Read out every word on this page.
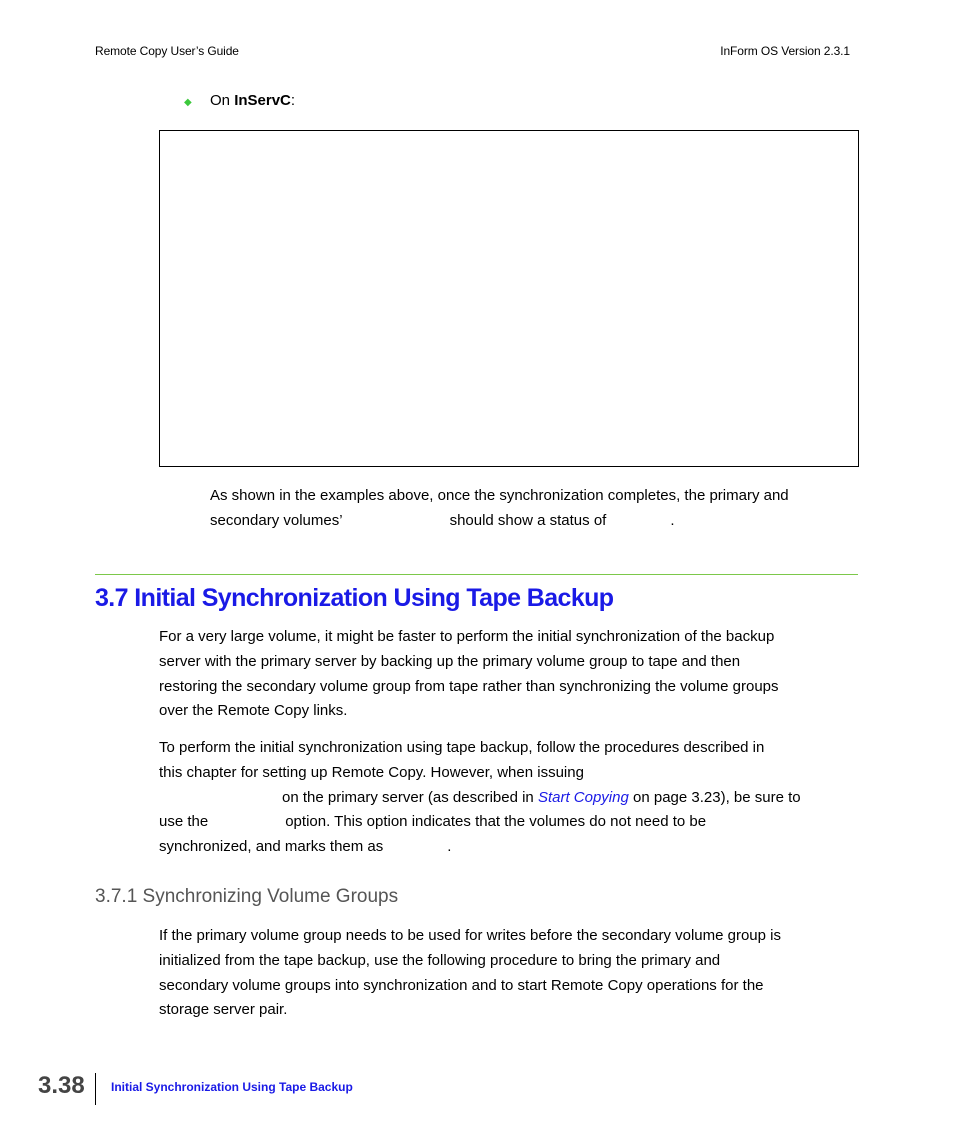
Remote Copy User’s Guide	InForm OS Version 2.3.1
◆ On InServC:

As shown in the examples above, once the synchronization completes, the primary and

secondary volumes’	should show a status of	.

3.7 Initial Synchronization Using Tape Backup

For a very large volume, it might be faster to perform the initial synchronization of the backup

server with the primary server by backing up the primary volume group to tape and then

restoring the secondary volume group from tape rather than synchronizing the volume groups

over the Remote Copy links.

To perform the initial synchronization using tape backup, follow the procedures described in

this chapter for setting up Remote Copy. However, when issuing

on the primary server (as described in Start Copying on page 3.23), be sure to

use the	option. This option indicates that the volumes do not need to be

synchronized, and marks them as	.

3.7.1 Synchronizing Volume Groups

If the primary volume group needs to be used for writes before the secondary volume group is

initialized from the tape backup, use the following procedure to bring the primary and

secondary volume groups into synchronization and to start Remote Copy operations for the

storage server pair.

3.38 Initial Synchronization Using Tape Backup
